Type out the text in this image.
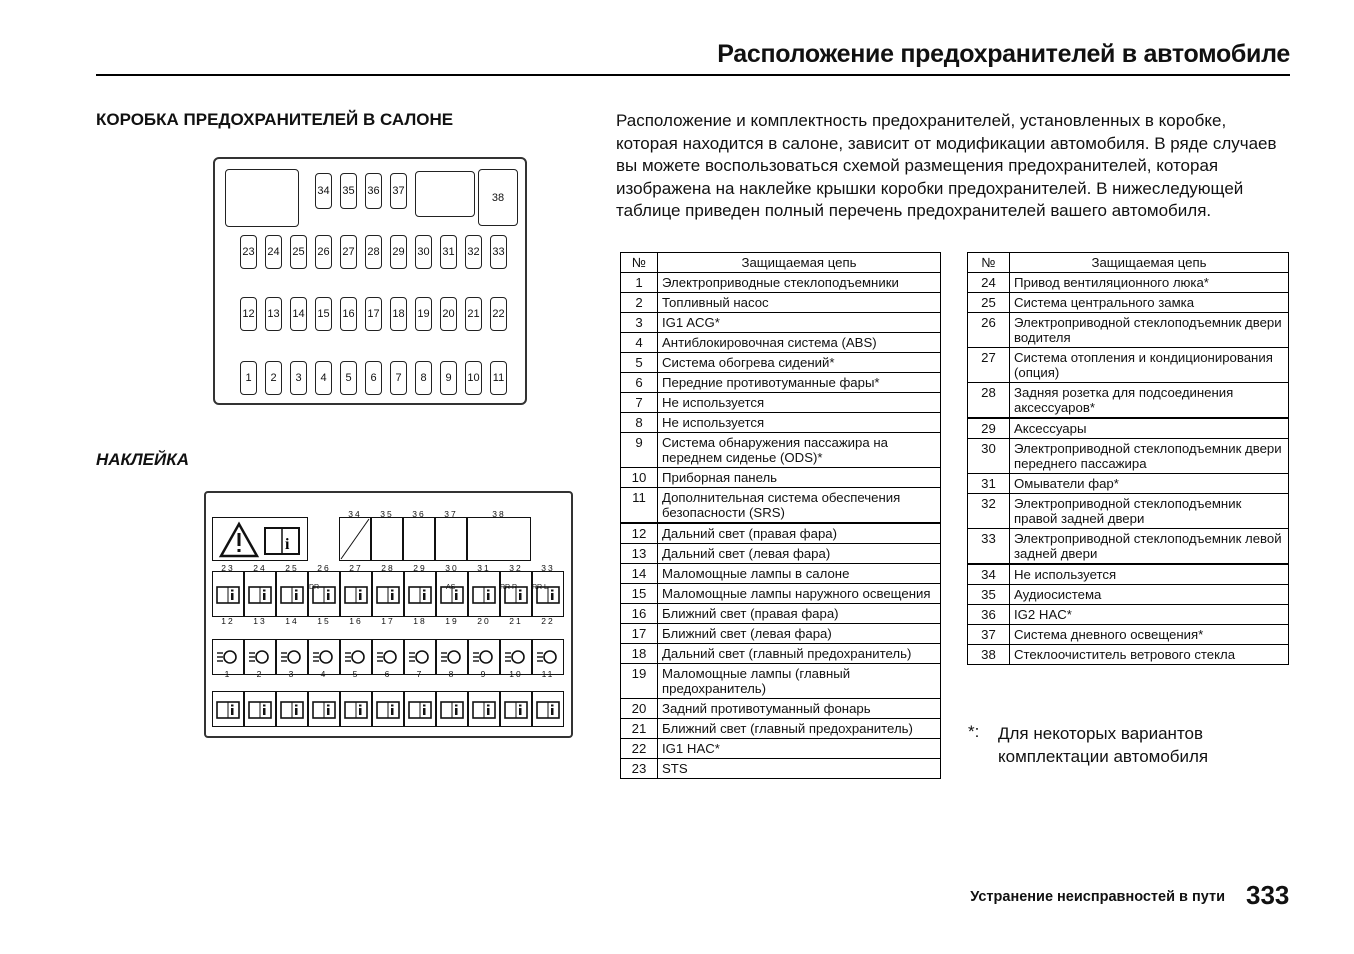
Расположение предохранителей в автомобиле
КОРОБКА ПРЕДОХРАНИТЕЛЕЙ В САЛОНЕ
НАКЛЕЙКА
38
34 35 36 37
23 24 25 26 27 28 29 30 31 32 33
12 13 14 15 16 17 18 19 20 21 22
1	2	3	4	5	6	7	8	9	10 11
i
34	35	36	37	38
23	24	25	26	27	28	29	30	31	32	33
12	13	14	15	16	17	18	19	20	21	22
1	2	3	4	5	6	7	8	9	10	11
DR	AS	RR R RR L
Расположение и комплектность предохранителей, установленных в коробке, которая находится в салоне, зависит от модификации автомобиля. В ряде случаев вы можете воспользоваться схемой размещения предохранителей, которая изображена на наклейке крышки коробки предохранителей. В нижеследующей таблице приведен полный перечень предохранителей вашего автомобиля.
№	Защищаемая цепь
1	Электроприводные стеклоподъемники
2	Топливный насос
3	IG1 ACG*
4	Антиблокировочная система (ABS)
5	Система обогрева сидений*
6	Передние противотуманные фары*
7	Не используется
8	Не используется
9	Система обнаружения пассажира на переднем сиденье (ODS)*
10	Приборная панель
11	Дополнительная система обеспечения безопасности (SRS)
12	Дальний свет (правая фара)
13	Дальний свет (левая фара)
14	Маломощные лампы в салоне
15	Маломощные лампы наружного освещения
16	Ближний свет (правая фара)
17	Ближний свет (левая фара)
18	Дальний свет (главный предохранитель)
19	Маломощные лампы (главный предохранитель)
20	Задний противотуманный фонарь
21	Ближний свет (главный предохранитель)
22	IG1 HAC*
23	STS
№	Защищаемая цепь
24	Привод вентиляционного люка*
25	Система центрального замка
26	Электроприводной стеклоподъемник двери водителя
27	Система отопления и кондиционирования (опция)
28	Задняя розетка для подсоединения аксессуаров*
29	Аксессуары
30	Электроприводной стеклоподъемник двери переднего пассажира
31	Омыватели фар*
32	Электроприводной стеклоподъемник правой задней двери
33	Электроприводной стеклоподъемник левой задней двери
34	Не используется
35	Аудиосистема
36	IG2 HAC*
37	Система дневного освещения*
38	Стеклоочиститель ветрового стекла
*: Для некоторых вариантов комплектации автомобиля
Устранение неисправностей в пути 333
